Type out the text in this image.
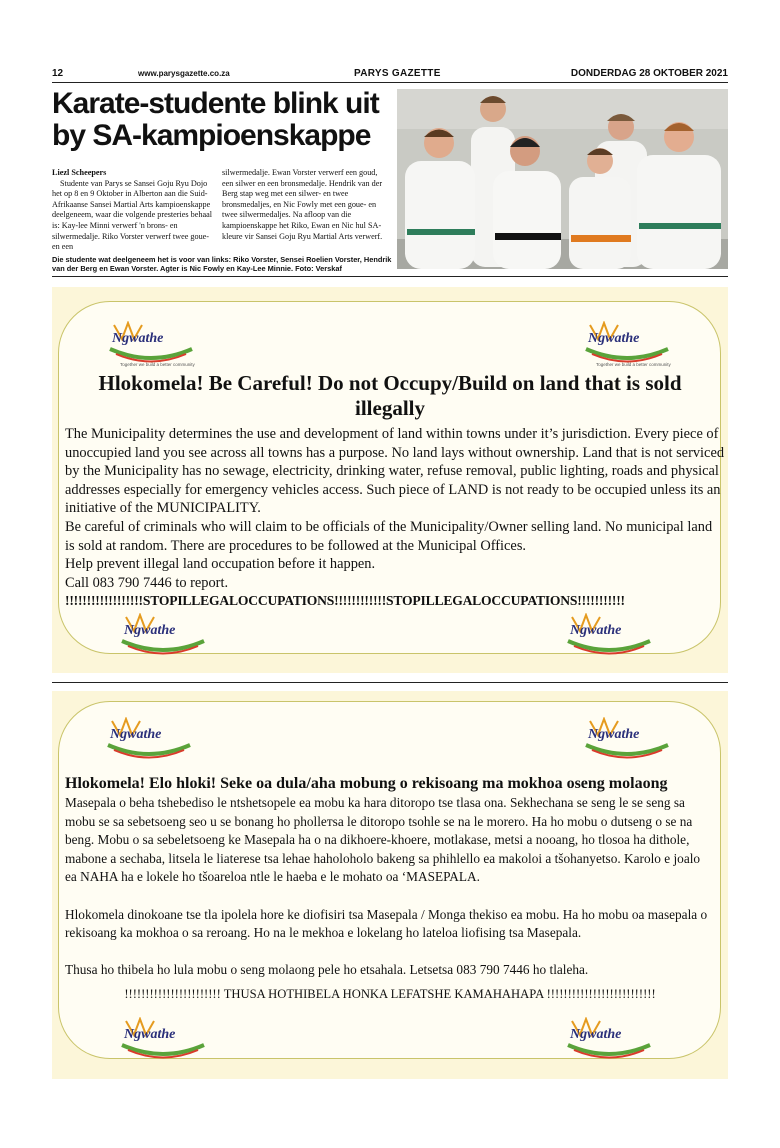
12	www.parysgazette.co.za	PARYS GAZETTE	DONDERDAG 28 OKTOBER 2021
Karate-studente blink uit
by SA-kampioenskappe

Liezl Scheepers

Studente van Parys se Sansei Goju Ryu Dojo het op 8 en 9 Oktober in Alberton aan die Suid-Afrikaanse Sansei Martial Arts kampioenskappe deelgeneem, waar die volgende presteries behaal is: Kay-lee Minni verwerf 'n brons- en silwermedalje. Riko Vorster verwerf twee goue- en een

silwermedalje. Ewan Vorster verwerf een goud, een silwer en een bronsmedalje. Hendrik van der Berg stap weg met een silwer- en twee bronsmedaljes, en Nic Fowly met een goue- en twee silwermedaljes. Na afloop van die kampioenskappe het Riko, Ewan en Nic hul SA-kleure vir Sansei Goju Ryu Martial Arts verwerf.

Die studente wat deelgeneem het is voor van links: Riko Vorster, Sensei Roelien Vorster, Hendrik van der Berg en Ewan Vorster. Agter is Nic Fowly en Kay-Lee Minnie. Foto: Verskaf
Ngwathe
Together we build a better community
Ngwathe
Together we build a better community
Hlokomela! Be Careful! Do not Occupy/Build on land that is sold illegally

The Municipality determines the use and development of land within towns under it’s jurisdiction. Every piece of unoccupied land you see across all towns has a purpose. No land lays without ownership. Land that is not serviced by the Municipality has no sewage, electricity, drinking water, refuse removal, public lighting, roads and physical addresses especially for emergency vehicles access. Such piece of LAND is not ready to be occupied unless its an initiative of the MUNICIPALITY.

Be careful of criminals who will claim to be officials of the Municipality/Owner selling land. No municipal land is sold at random. There are procedures to be followed at the Municipal Offices.

Help prevent illegal land occupation before it happen.

Call 083 790 7446 to report.

!!!!!!!!!!!!!!!!!!STOPILLEGALOCCUPATIONS!!!!!!!!!!!!STOPILLEGALOCCUPATIONS!!!!!!!!!!!

Ngwathe	Ngwathe
Ngwathe	Ngwathe
Hlokomela! Elo hloki! Seke oa dula/aha mobung o rekisoang ma mokhoa oseng molaong

Masepala o beha tshebediso le ntshetsopele ea mobu ka hara ditoropo tse tlasa ona. Sekhechana se seng le se seng sa mobu se sa sebetsoeng seo u se bonang ho phollетsa le ditoropo tsohle se na le morero. Ha ho mobu o dutseng o se na beng. Mobu o sa sebeletsoeng ke Masepala ha o na dikhoere-khoere, motlakase, metsi a nooang, ho tlosoa ha dithole, mabone a sechaba, litsela le liaterese tsa lehae haholoholo bakeng sa phihlello ea makoloi a tšohanyetso. Karolo e joalo ea NAHA ha e lokele ho tšoareloa ntle le haeba e le mohato oa ‘MASEPALA.

Hlokomela dinokoane tse tla ipolela hore ke diofisiri tsa Masepala / Monga thekiso ea mobu. Ha ho mobu oa masepala o rekisoang ka mokhoa o sa reroang. Ho na le mekhoa e lokelang ho lateloa liofising tsa Masepala.

Thusa ho thibela ho lula mobu o seng molaong pele ho etsahala. Letsetsa 083 790 7446 ho tlaleha.

!!!!!!!!!!!!!!!!!!!!!!! THUSA HOTHIBELA HONKA LEFATSHE KAMAHAHAPA !!!!!!!!!!!!!!!!!!!!!!!!!!
Ngwathe	Ngwathe
